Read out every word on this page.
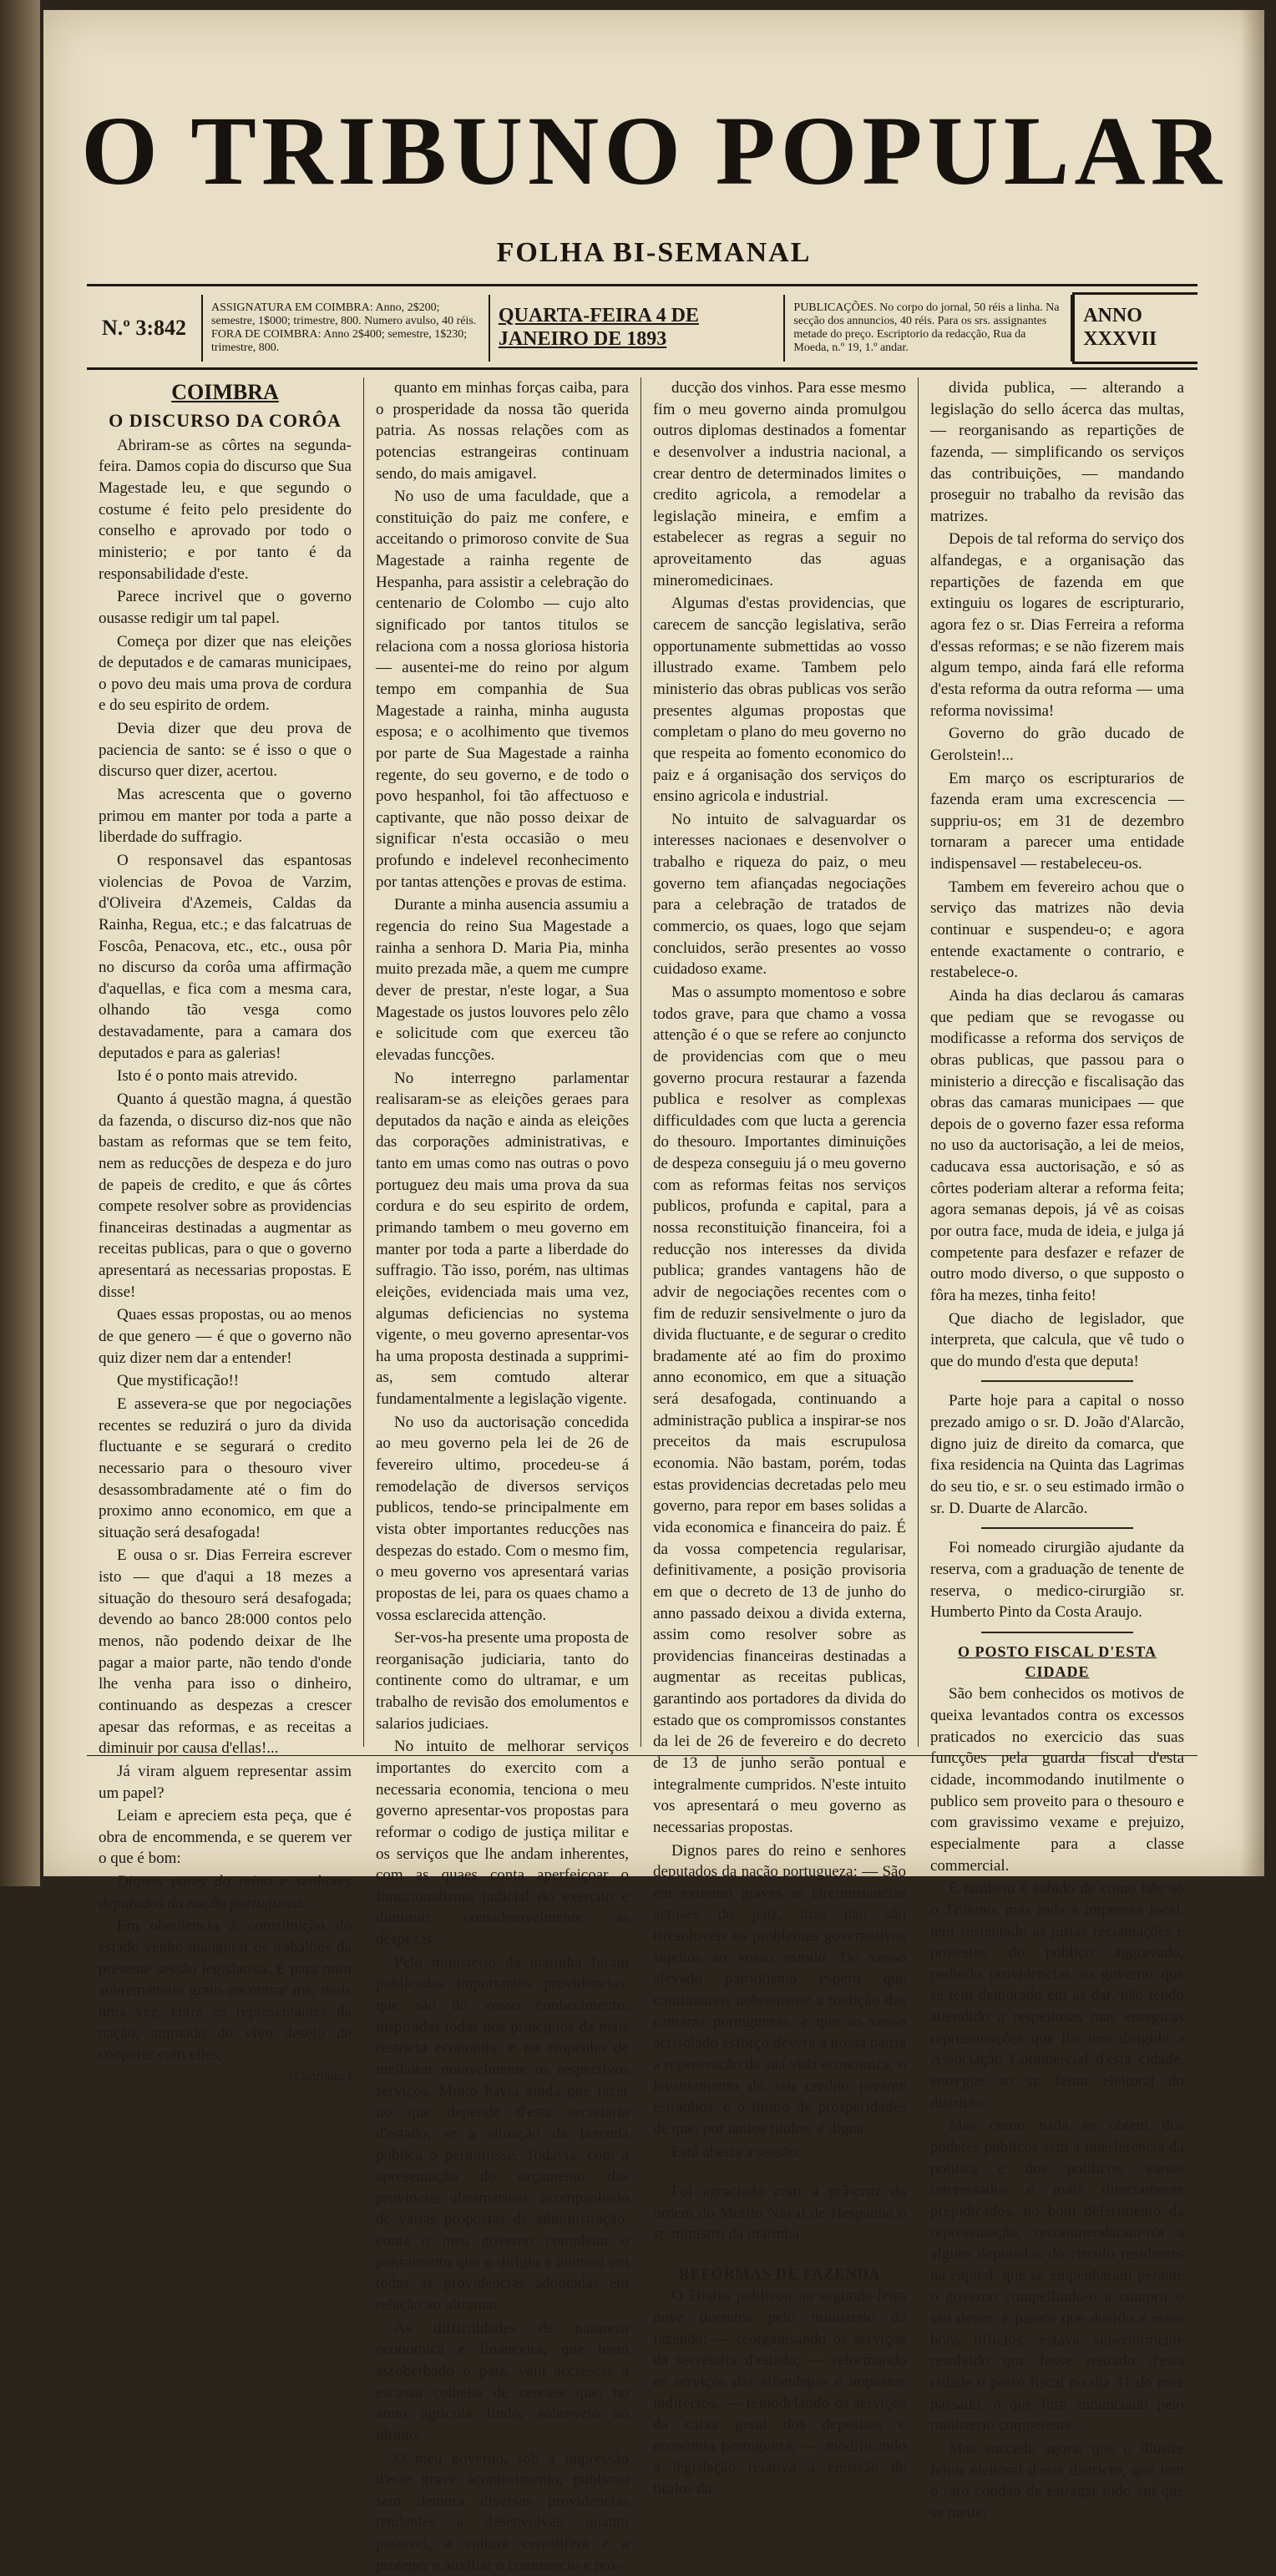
O TRIBUNO POPULAR
FOLHA BI-SEMANAL
N.º 3:842
ASSIGNATURA EM COIMBRA: Anno, 2$200; semestre, 1$000; trimestre, 800. Numero avulso, 40 réis. FORA DE COIMBRA: Anno 2$400; semestre, 1$230; trimestre, 800.
QUARTA-FEIRA 4 DE JANEIRO DE 1893
PUBLICAÇÕES. No corpo do jornal, 50 réis a linha. Na secção dos annuncios, 40 réis. Para os srs. assignantes metade do preço. Escriptorio da redacção, Rua da Moeda, n.º 19, 1.º andar.
ANNO XXXVII

COIMBRA

O DISCURSO DA CORÔA

Abriram-se as côrtes na segunda-feira. Damos copia do discurso que Sua Magestade leu, e que segundo o costume é feito pelo presidente do conselho e aprovado por todo o ministerio; e por tanto é da responsabilidade d'este.

Parece incrivel que o governo ousasse redigir um tal papel.

Começa por dizer que nas eleições de deputados e de camaras municipaes, o povo deu mais uma prova de cordura e do seu espirito de ordem.

Devia dizer que deu prova de paciencia de santo: se é isso o que o discurso quer dizer, acertou.

Mas acrescenta que o governo primou em manter por toda a parte a liberdade do suffragio.

O responsavel das espantosas violencias de Povoa de Varzim, d'Oliveira d'Azemeis, Caldas da Rainha, Regua, etc.; e das falcatruas de Foscôa, Penacova, etc., etc., ousa pôr no discurso da corôa uma affirmação d'aquellas, e fica com a mesma cara, olhando tão vesga como destavadamente, para a camara dos deputados e para as galerias!

Isto é o ponto mais atrevido.

Quanto á questão magna, á questão da fazenda, o discurso diz-nos que não bastam as reformas que se tem feito, nem as reducções de despeza e do juro de papeis de credito, e que ás côrtes compete resolver sobre as providencias financeiras destinadas a augmentar as receitas publicas, para o que o governo apresentará as necessarias propostas. E disse!

Quaes essas propostas, ou ao menos de que genero — é que o governo não quiz dizer nem dar a entender!

Que mystificação!!

E assevera-se que por negociações recentes se reduzirá o juro da divida fluctuante e se segurará o credito necessario para o thesouro viver desassombradamente até o fim do proximo anno economico, em que a situação será desafogada!

E ousa o sr. Dias Ferreira escrever isto — que d'aqui a 18 mezes a situação do thesouro será desafogada; devendo ao banco 28:000 contos pelo menos, não podendo deixar de lhe pagar a maior parte, não tendo d'onde lhe venha para isso o dinheiro, continuando as despezas a crescer apesar das reformas, e as receitas a diminuir por causa d'ellas!...

Já viram alguem representar assim um papel?

Leiam e apreciem esta peça, que é obra de encommenda, e se querem ver o que é bom:

Dignos pares do reino e senhores deputados da nação portugueza:

Em obediencia á constituição do estado venho inaugurar os trabalhos da presente sessão legislativa. É para mim sobremaneira grato encontrar me, mais uma vez, entre os representantes da nação, animado do vivo desejo de cooperar com elles,

(Continúa.)

quanto em minhas forças caiba, para o prosperidade da nossa tão querida patria. As nossas relações com as potencias estrangeiras continuam sendo, do mais amigavel.

No uso de uma faculdade, que a constituição do paiz me confere, e acceitando o primoroso convite de Sua Magestade a rainha regente de Hespanha, para assistir a celebração do centenario de Colombo — cujo alto significado por tantos titulos se relaciona com a nossa gloriosa historia — ausentei-me do reino por algum tempo em companhia de Sua Magestade a rainha, minha augusta esposa; e o acolhimento que tivemos por parte de Sua Magestade a rainha regente, do seu governo, e de todo o povo hespanhol, foi tão affectuoso e captivante, que não posso deixar de significar n'esta occasião o meu profundo e indelevel reconhecimento por tantas attenções e provas de estima.

Durante a minha ausencia assumiu a regencia do reino Sua Magestade a rainha a senhora D. Maria Pia, minha muito prezada mãe, a quem me cumpre dever de prestar, n'este logar, a Sua Magestade os justos louvores pelo zêlo e solicitude com que exerceu tão elevadas funcções.

No interregno parlamentar realisaram-se as eleições geraes para deputados da nação e ainda as eleições das corporações administrativas, e tanto em umas como nas outras o povo portuguez deu mais uma prova da sua cordura e do seu espirito de ordem, primando tambem o meu governo em manter por toda a parte a liberdade do suffragio. Tão isso, porém, nas ultimas eleições, evidenciada mais uma vez, algumas deficiencias no systema vigente, o meu governo apresentar-vos ha uma proposta destinada a supprimi-as, sem comtudo alterar fundamentalmente a legislação vigente.

No uso da auctorisação concedida ao meu governo pela lei de 26 de fevereiro ultimo, procedeu-se á remodelação de diversos serviços publicos, tendo-se principalmente em vista obter importantes reducções nas despezas do estado. Com o mesmo fim, o meu governo vos apresentará varias propostas de lei, para os quaes chamo a vossa esclarecida attenção.

Ser-vos-ha presente uma proposta de reorganisação judiciaria, tanto do continente como do ultramar, e um trabalho de revisão dos emolumentos e salarios judiciaes.

No intuito de melhorar serviços importantes do exercito com a necessaria economia, tenciona o meu governo apresentar-vos propostas para reformar o codigo de justiça militar e os serviços que lhe andam inherentes, com as quaes conta aperfeiçoar o funccionalismo judicial do exercito e diminuir consideravelmente as despezas.

Pelo ministerio da marinha foram publicadas importantes providencias, que são do vosso conhecimento, inspiradas todas nos principios da mais restricta economia, e no empenho de melhorar notavelmente os respectivos serviços. Muito havia ainda que fazer no que depende d'esta secretaria d'estado, se a situação da fazenda publica o permittisse. Todavia, com a apresentação do orçamento das provincias ultramarinas, acompanhado de varias propostas de administração, conta o meu governo completar o pensamento que o dirigiu e animou em todas as providencias adoptadas em relação ao ultramar.

As difficuldades de natureza economica e financeira, que teem assoberbado o paiz, veiu accrescer a escassa colheita de cereaes que, no anno agricola findo, sobreveio ao ultimo.

O meu governo, sob a impressão d'este grave acontecimento, publicou sem demora diversas providencias tendentes a desenvolver, quanto possivel, a cultura cerealifera e a proteger e auxiliar o commercio e pro-

ducção dos vinhos. Para esse mesmo fim o meu governo ainda promulgou outros diplomas destinados a fomentar e desenvolver a industria nacional, a crear dentro de determinados limites o credito agricola, a remodelar a legislação mineira, e emfim a estabelecer as regras a seguir no aproveitamento das aguas mineromedicinaes.

Algumas d'estas providencias, que carecem de sancção legislativa, serão opportunamente submettidas ao vosso illustrado exame. Tambem pelo ministerio das obras publicas vos serão presentes algumas propostas que completam o plano do meu governo no que respeita ao fomento economico do paiz e á organisação dos serviços do ensino agricola e industrial.

No intuito de salvaguardar os interesses nacionaes e desenvolver o trabalho e riqueza do paiz, o meu governo tem afiançadas negociações para a celebração de tratados de commercio, os quaes, logo que sejam concluidos, serão presentes ao vosso cuidadoso exame.

Mas o assumpto momentoso e sobre todos grave, para que chamo a vossa attenção é o que se refere ao conjuncto de providencias com que o meu governo procura restaurar a fazenda publica e resolver as complexas difficuldades com que lucta a gerencia do thesouro. Importantes diminuições de despeza conseguiu já o meu governo com as reformas feitas nos serviços publicos, profunda e capital, para a nossa reconstituição financeira, foi a reducção nos interesses da divida publica; grandes vantagens hão de advir de negociações recentes com o fim de reduzir sensivelmente o juro da divida fluctuante, e de segurar o credito bradamente até ao fim do proximo anno economico, em que a situação será desafogada, continuando a administração publica a inspirar-se nos preceitos da mais escrupulosa economia. Não bastam, porém, todas estas providencias decretadas pelo meu governo, para repor em bases solidas a vida economica e financeira do paiz. É da vossa competencia regularisar, definitivamente, a posição provisoria em que o decreto de 13 de junho do anno passado deixou a divida externa, assim como resolver sobre as providencias financeiras destinadas a augmentar as receitas publicas, garantindo aos portadores da divida do estado que os compromissos constantes da lei de 26 de fevereiro e do decreto de 13 de junho serão pontual e integralmente cumpridos. N'este intuito vos apresentará o meu governo as necessarias propostas.

Dignos pares do reino e senhores deputados da nação portugueza: — São em extremo graves as circumstancias actuaes do paiz, mas não são irresoluveis os problemas governativos sujeitos ao vosso estudo. Do vosso elevado patriotismo espero que continuareis nobremente a tradição das camaras portuguezas, e que ao vosso acrisolado esforço deverá a nossa patria a regeneração da sua vida economica, o levantamento do seu credito perante estranhos, e o futuro de prosperidades de que, por tantos titulos, é digna.

Está aberta a sessão.

Foi agraciado com a grã-cruz da ordem do Merito Naval de Hespanha o sr. ministro da marinha.

REFORMAS DE FAZENDA

O Diario publicou na segunda-feira nove decretos pelo ministerio da fazenda: — reorganisando os serviços da secretaria d'estado, — reformando os serviços das alfandegas e impostos indirectos, — remodelando os serviços da caixa geral dos depositos e economia portugueza, — modificando a legislação relativa á emissão de titulos da

divida publica, — alterando a legislação do sello ácerca das multas, — reorganisando as repartições de fazenda, — simplificando os serviços das contribuições, — mandando proseguir no trabalho da revisão das matrizes.

Depois de tal reforma do serviço dos alfandegas, e a organisação das repartições de fazenda em que extinguiu os logares de escripturario, agora fez o sr. Dias Ferreira a reforma d'essas reformas; e se não fizerem mais algum tempo, ainda fará elle reforma d'esta reforma da outra reforma — uma reforma novissima!

Governo do grão ducado de Gerolstein!...

Em março os escripturarios de fazenda eram uma excrescencia — suppriu-os; em 31 de dezembro tornaram a parecer uma entidade indispensavel — restabeleceu-os.

Tambem em fevereiro achou que o serviço das matrizes não devia continuar e suspendeu-o; e agora entende exactamente o contrario, e restabelece-o.

Ainda ha dias declarou ás camaras que pediam que se revogasse ou modificasse a reforma dos serviços de obras publicas, que passou para o ministerio a direcção e fiscalisação das obras das camaras municipaes — que depois de o governo fazer essa reforma no uso da auctorisação, a lei de meios, caducava essa auctorisação, e só as côrtes poderiam alterar a reforma feita; agora semanas depois, já vê as coisas por outra face, muda de ideia, e julga já competente para desfazer e refazer de outro modo diverso, o que supposto o fôra ha mezes, tinha feito!

Que diacho de legislador, que interpreta, que calcula, que vê tudo o que do mundo d'esta que deputa!

Parte hoje para a capital o nosso prezado amigo o sr. D. João d'Alarcão, digno juiz de direito da comarca, que fixa residencia na Quinta das Lagrimas do seu tio, e sr. o seu estimado irmão o sr. D. Duarte de Alarcão.

Foi nomeado cirurgião ajudante da reserva, com a graduação de tenente de reserva, o medico-cirurgião sr. Humberto Pinto da Costa Araujo.

O POSTO FISCAL D'ESTA CIDADE

São bem conhecidos os motivos de queixa levantados contra os excessos praticados no exercicio das suas funcções pela guarda fiscal d'esta cidade, incommodando inutilmente o publico sem proveito para o thesouro e com gravissimo vexame e prejuizo, especialmente para a classe commercial.

E tambem é sabido de como não só o Tribuno, mas toda a imprensa local, tem sustentado as justas reclamações e protestos do publico aggravado, pedindo providencias ao governo que se tem demorado em as dar, não tendo attendido a respeitosas mas energicas representações que lhe tem dirigido a Associação Commercial d'esta cidade, entregue ao sr. feitor eleitoral do districto.

Mas como nada se obtem dos poderes publicos sem a interferencia da politica e dos politicos, varios interessados e mais directamente prejudicados, no bom deferimento da representação, recommendaram-n'a a alguns deputados do circulo residentes na capital, que se empenharam perante o governo compellindo-o a cumprir o seu dever; e parece que devido a esses bons officios, estava superiormente resolvido que fosse retirado d'esta cidade o posto fiscal no dia 31 do mez passado, o que fora annunciado pelo ministerio competente.

Mas succede agora, que o illustre feitor eleitoral d'este districto, que tem o raro condão de estragar tudo em que se mette,
